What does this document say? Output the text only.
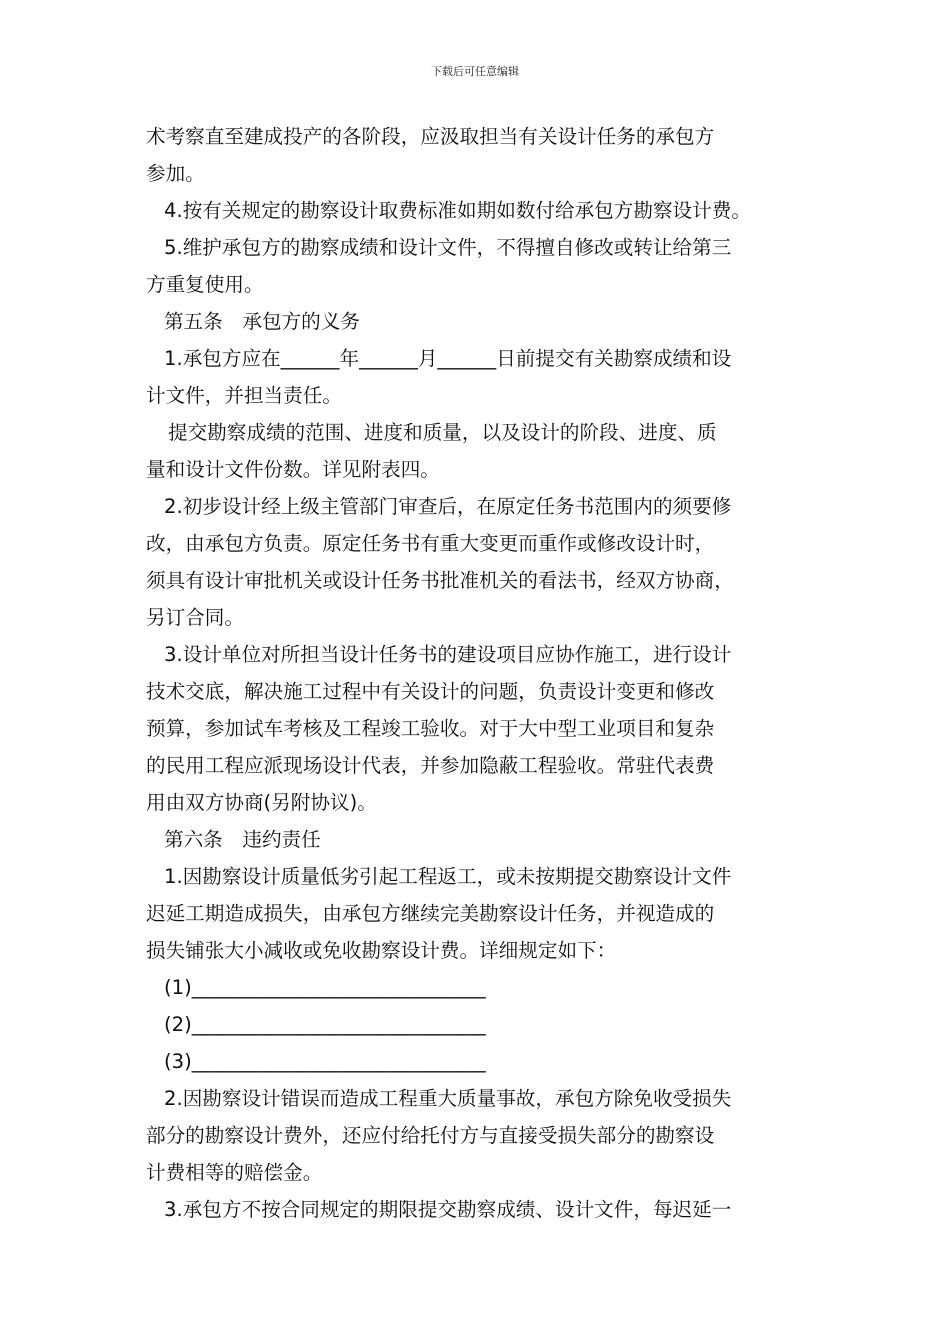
下载后可任意编辑
术考察直至建成投产的各阶段，应汲取担当有关设计任务的承包方
参加。
4.按有关规定的勘察设计取费标准如期如数付给承包方勘察设计费。
5.维护承包方的勘察成绩和设计文件，不得擅自修改或转让给第三
方重复使用。
第五条　承包方的义务
1.承包方应在______年______月______日前提交有关勘察成绩和设
计文件，并担当责任。
提交勘察成绩的范围、进度和质量，以及设计的阶段、进度、质
量和设计文件份数。详见附表四。
2.初步设计经上级主管部门审查后，在原定任务书范围内的须要修
改，由承包方负责。原定任务书有重大变更而重作或修改设计时，
须具有设计审批机关或设计任务书批准机关的看法书，经双方协商，
另订合同。
3.设计单位对所担当设计任务书的建设项目应协作施工，进行设计
技术交底，解决施工过程中有关设计的问题，负责设计变更和修改
预算，参加试车考核及工程竣工验收。对于大中型工业项目和复杂
的民用工程应派现场设计代表，并参加隐蔽工程验收。常驻代表费
用由双方协商(另附协议)。
第六条　违约责任
1.因勘察设计质量低劣引起工程返工，或未按期提交勘察设计文件
迟延工期造成损失，由承包方继续完美勘察设计任务，并视造成的
损失铺张大小减收或免收勘察设计费。详细规定如下：
(1)______________________________
(2)______________________________
(3)______________________________
2.因勘察设计错误而造成工程重大质量事故，承包方除免收受损失
部分的勘察设计费外，还应付给托付方与直接受损失部分的勘察设
计费相等的赔偿金。
3.承包方不按合同规定的期限提交勘察成绩、设计文件，每迟延一
